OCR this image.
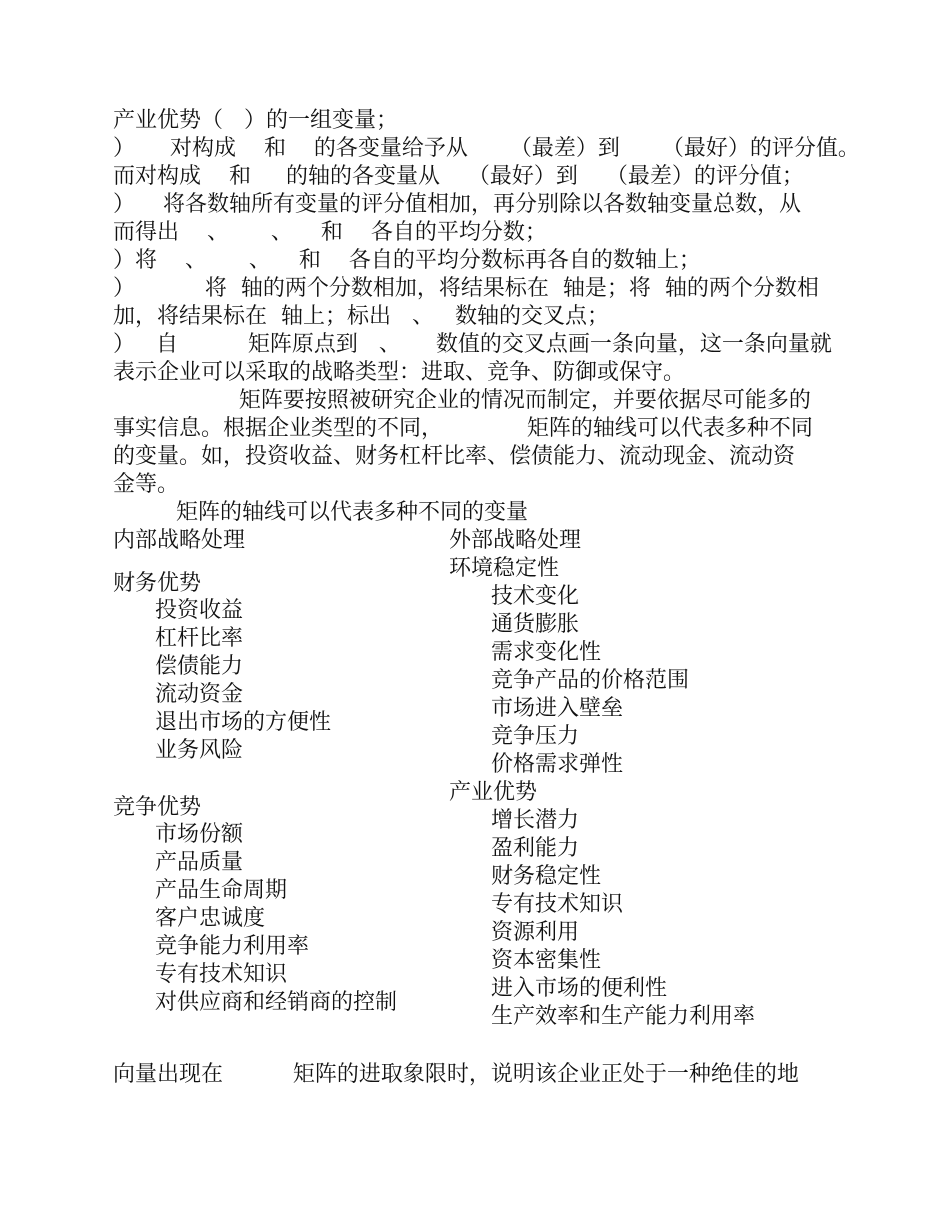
产业优势（   ）的一组变量；
）     对构成    和    的各变量给予从      （最差）到      （最好）的评分值。
而对构成    和     的轴的各变量从    （最好）到    （最差）的评分值；
）    将各数轴所有变量的评分值相加，再分别除以各数轴变量总数，从
而得出    、      、    和    各自的平均分数；
）将    、      、    和    各自的平均分数标再各自的数轴上；
）          将  轴的两个分数相加，将结果标在  轴是；将  轴的两个分数相
加，将结果标在  轴上；标出   、   数轴的交叉点；
）   自          矩阵原点到   、     数值的交叉点画一条向量，这一条向量就
表示企业可以采取的战略类型：进取、竞争、防御或保守。
矩阵要按照被研究企业的情况而制定，并要依据尽可能多的
事实信息。根据企业类型的不同，            矩阵的轴线可以代表多种不同
的变量。如，投资收益、财务杠杆比率、偿债能力、流动现金、流动资
金等。
矩阵的轴线可以代表多种不同的变量
内部战略处理
财务优势
投资收益
杠杆比率
偿债能力
流动资金
退出市场的方便性
业务风险
竞争优势
市场份额
产品质量
产品生命周期
客户忠诚度
竞争能力利用率
专有技术知识
对供应商和经销商的控制
外部战略处理
环境稳定性
技术变化
通货膨胀
需求变化性
竞争产品的价格范围
市场进入壁垒
竞争压力
价格需求弹性
产业优势
增长潜力
盈利能力
财务稳定性
专有技术知识
资源利用
资本密集性
进入市场的便利性
生产效率和生产能力利用率
向量出现在          矩阵的进取象限时，说明该企业正处于一种绝佳的地
